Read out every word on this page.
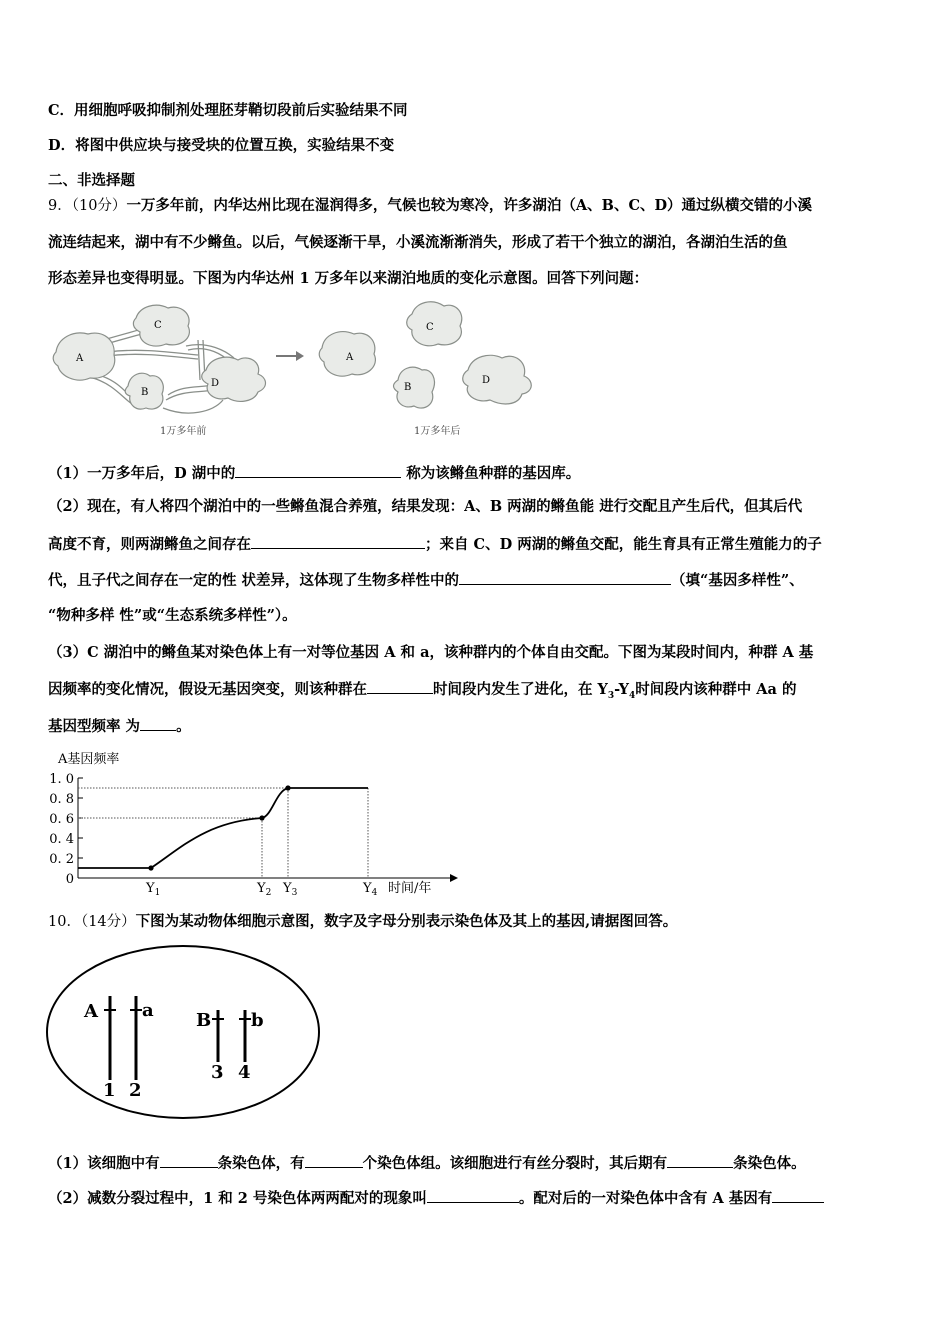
C．用细胞呼吸抑制剂处理胚芽鞘切段前后实验结果不同
D．将图中供应块与接受块的位置互换，实验结果不变
二、非选择题
9．（10分）一万多年前，内华达州比现在湿润得多，气候也较为寒冷，许多湖泊（A、B、C、D）通过纵横交错的小溪
流连结起来，湖中有不少鳉鱼。以后，气候逐渐干旱，小溪流渐渐消失，形成了若干个独立的湖泊，各湖泊生活的鱼
形态差异也变得明显。下图为内华达州 1 万多年以来湖泊地质的变化示意图。回答下列问题：
A
C
B
D
A
C
B
D
1万多年前	1万多年后
（1）一万多年后，D 湖中的	称为该鳉鱼种群的基因库。
（2）现在，有人将四个湖泊中的一些鳉鱼混合养殖，结果发现：A、B 两湖的鳉鱼能 进行交配且产生后代，但其后代
高度不育，则两湖鳉鱼之间存在	；来自 C、D 两湖的鳉鱼交配，能生育具有正常生殖能力的子
代，且子代之间存在一定的性 状差异，这体现了生物多样性中的	（填“基因多样性”、
“物种多样 性”或“生态系统多样性”）。
（3）C 湖泊中的鳉鱼某对染色体上有一对等位基因 A 和 a，该种群内的个体自由交配。下图为某段时间内，种群 A 基
因频率的变化情况，假设无基因突变，则该种群在	时间段内发生了进化，在 $Y_3-Y_4$时间段内该种群中 Aa 的
基因型频率 为 。
A基因频率
时间/年
1. 0
0. 8
0. 6
0. 4
0. 2
0
$Y_1$	$Y_2$ $Y_3$	$Y_4$
10．（14分）下图为某动物体细胞示意图，数字及字母分别表示染色体及其上的基因,请据图回答。
A a B b
1 2
3 4
（1）该细胞中有	条染色体，有	个染色体组。该细胞进行有丝分裂时，其后期有	条染色体。
（2）减数分裂过程中，1 和 2 号染色体两两配对的现象叫	。配对后的一对染色体中含有 A 基因有
